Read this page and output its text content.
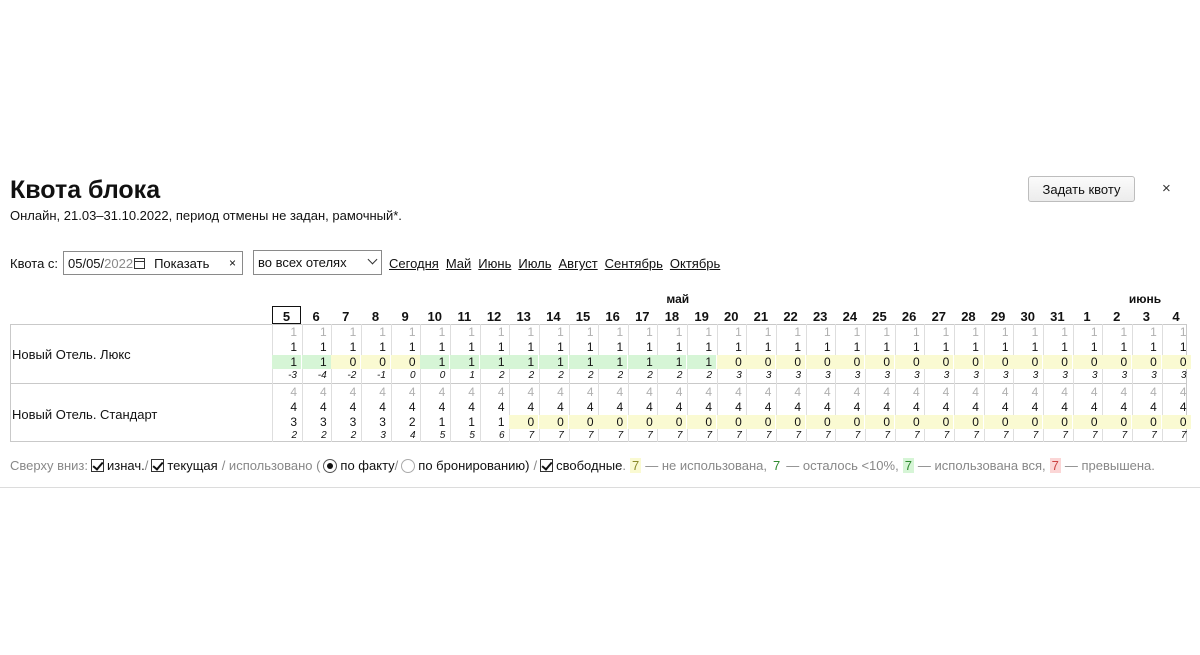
Квота блока
Онлайн, 21.03–31.10.2022, период отмены не задан, рамочный*.
Задать квоту	×
Квота с: 05/05/ 2022 Показать × во всех отелях	Сегодня Май Июнь Июль Август Сентябрь Октябрь
май	июнь
5	6	7	8	9	10	11	12	13	14	15	16	17	18	19	20	21	22	23	24	25	26	27	28	29	30	31	1	2	3	4
Новый Отель. Люкс
1	1	1	1	1	1	1	1	1	1	1	1	1	1	1	1	1	1	1	1	1	1	1	1	1	1	1	1	1	1	1
1	1	1	1	1	1	1	1	1	1	1	1	1	1	1	1	1	1	1	1	1	1	1	1	1	1	1	1	1	1	1
1	1	0	0	0	1	1	1	1	1	1	1	1	1	1	0	0	0	0	0	0	0	0	0	0	0	0	0	0	0	0
-3	-4	-2	-1	0	0	1	2	2	2	2	2	2	2	2	3	3	3	3	3	3	3	3	3	3	3	3	3	3	3	3
Новый Отель. Стандарт
4	4	4	4	4	4	4	4	4	4	4	4	4	4	4	4	4	4	4	4	4	4	4	4	4	4	4	4	4	4	4
4	4	4	4	4	4	4	4	4	4	4	4	4	4	4	4	4	4	4	4	4	4	4	4	4	4	4	4	4	4	4
3	3	3	3	2	1	1	1	0	0	0	0	0	0	0	0	0	0	0	0	0	0	0	0	0	0	0	0	0	0	0
2	2	2	3	4	5	5	6	7	7	7	7	7	7	7	7	7	7	7	7	7	7	7	7	7	7	7	7	7	7	7
Сверху вниз: изнач. / текущая / использовано ( по факту / по бронированию) / свободные . 7 — не использована, 7 — осталось <10%, 7 — использована вся, 7 — превышена.
